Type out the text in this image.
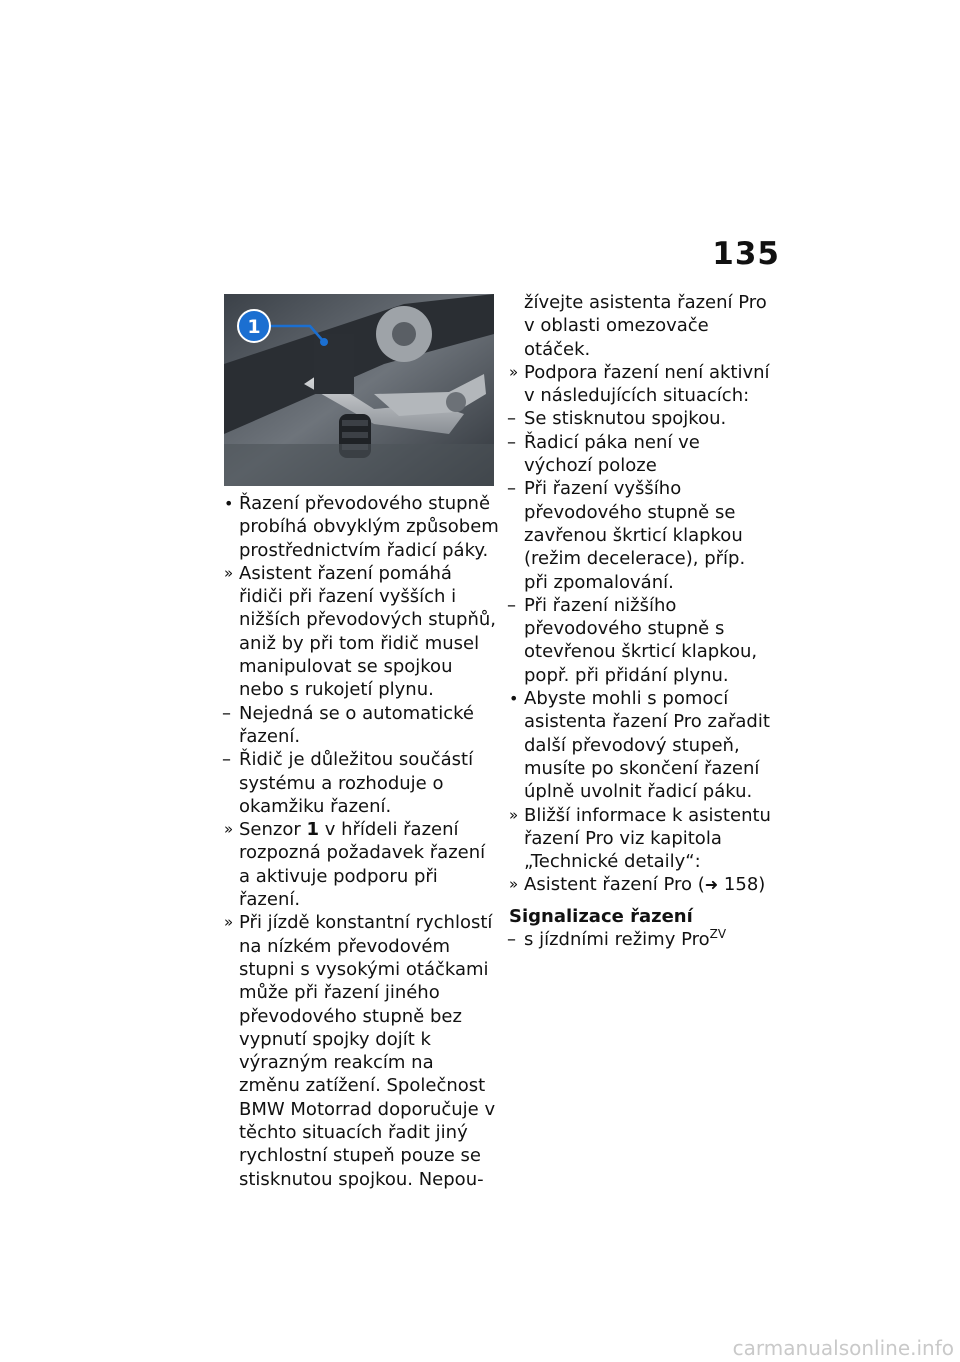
135
1
• Řazení převodového stupně probíhá obvyklým způsobem prostřednictvím řadicí páky.
» Asistent řazení pomáhá řidiči při řazení vyšších i nižších převodových stupňů, aniž by při tom řidič musel manipulovat se spojkou nebo s rukojetí plynu.
– Nejedná se o automatické řazení.
– Řidič je důležitou součástí systému a rozhoduje o okamžiku řazení.
» Senzor 1 v hřídeli řazení rozpozná požadavek řazení a aktivuje podporu při řazení.
» Při jízdě konstantní rychlostí na nízkém převodovém stupni s vysokými otáčkami může při řazení jiného převodového stupně bez vypnutí spojky dojít k výrazným reakcím na změnu zatížení. Společnost BMW Motorrad doporučuje v těchto situacích řadit jiný rychlostní stupeň pouze se stisknutou spojkou. Nepou-
žívejte asistenta řazení Pro v oblasti omezovače otáček.
» Podpora řazení není aktivní v následujících situacích:
– Se stisknutou spojkou.
– Řadicí páka není ve výchozí poloze
– Při řazení vyššího převodového stupně se zavřenou škrticí klapkou (režim decelerace), příp. při zpomalování.
– Při řazení nižšího převodového stupně s otevřenou škrticí klapkou, popř. při přidání plynu.
• Abyste mohli s pomocí asistenta řazení Pro zařadit další převodový stupeň, musíte po skončení řazení úplně uvolnit řadicí páku.
» Bližší informace k asistentu řazení Pro viz kapitola „Technické detaily“:
» Asistent řazení Pro (➜ 158)
Signalizace řazení
– s jízdními režimy Pro$^{ZV}$
carmanualsonline.info
